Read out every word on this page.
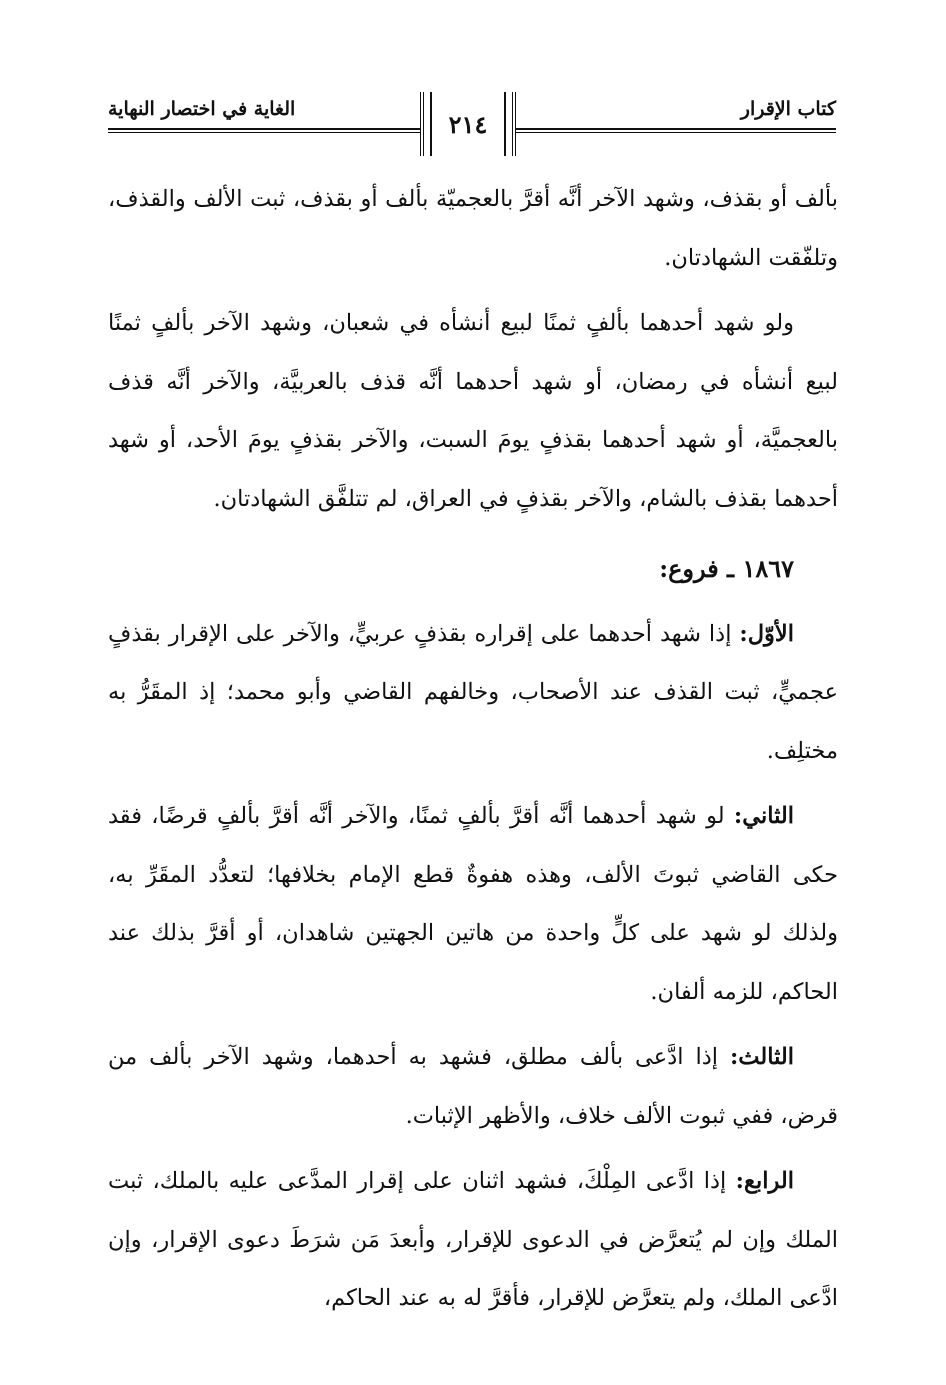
كتاب الإقرار
الغاية في اختصار النهاية
٢١٤

بألف أو بقذف، وشهد الآخر أنَّه أقرَّ بالعجميّة بألف أو بقذف، ثبت الألف والقذف، وتلفّقت الشهادتان.

ولو شهد أحدهما بألفٍ ثمنًا لبيع أنشأه في شعبان، وشهد الآخر بألفٍ ثمنًا لبيع أنشأه في رمضان، أو شهد أحدهما أنَّه قذف بالعربيَّة، والآخر أنَّه قذف بالعجميَّة، أو شهد أحدهما بقذفٍ يومَ السبت، والآخر بقذفٍ يومَ الأحد، أو شهد أحدهما بقذف بالشام، والآخر بقذفٍ في العراق، لم تتلفَّق الشهادتان.

١٨٦٧ ـ فروع:

الأوّل: إذا شهد أحدهما على إقراره بقذفٍ عربيٍّ، والآخر على الإقرار بقذفٍ عجميٍّ، ثبت القذف عند الأصحاب، وخالفهم القاضي وأبو محمد؛ إذ المقَرُّ به مختلِف.

الثاني: لو شهد أحدهما أنَّه أقرَّ بألفٍ ثمنًا، والآخر أنَّه أقرَّ بألفٍ قرضًا، فقد حكى القاضي ثبوتَ الألف، وهذه هفوةٌ قطع الإمام بخلافها؛ لتعدُّد المقَرِّ به، ولذلك لو شهد على كلٍّ واحدة من هاتين الجهتين شاهدان، أو أقرَّ بذلك عند الحاكم، للزمه ألفان.

الثالث: إذا ادَّعى بألف مطلق، فشهد به أحدهما، وشهد الآخر بألف من قرض، ففي ثبوت الألف خلاف، والأظهر الإثبات.

الرابع: إذا ادَّعى المِلْكَ، فشهد اثنان على إقرار المدَّعى عليه بالملك، ثبت الملك وإن لم يُتعرَّض في الدعوى للإقرار، وأبعدَ مَن شرَطَ دعوى الإقرار، وإن ادَّعى الملك، ولم يتعرَّض للإقرار، فأقرَّ له به عند الحاكم،
